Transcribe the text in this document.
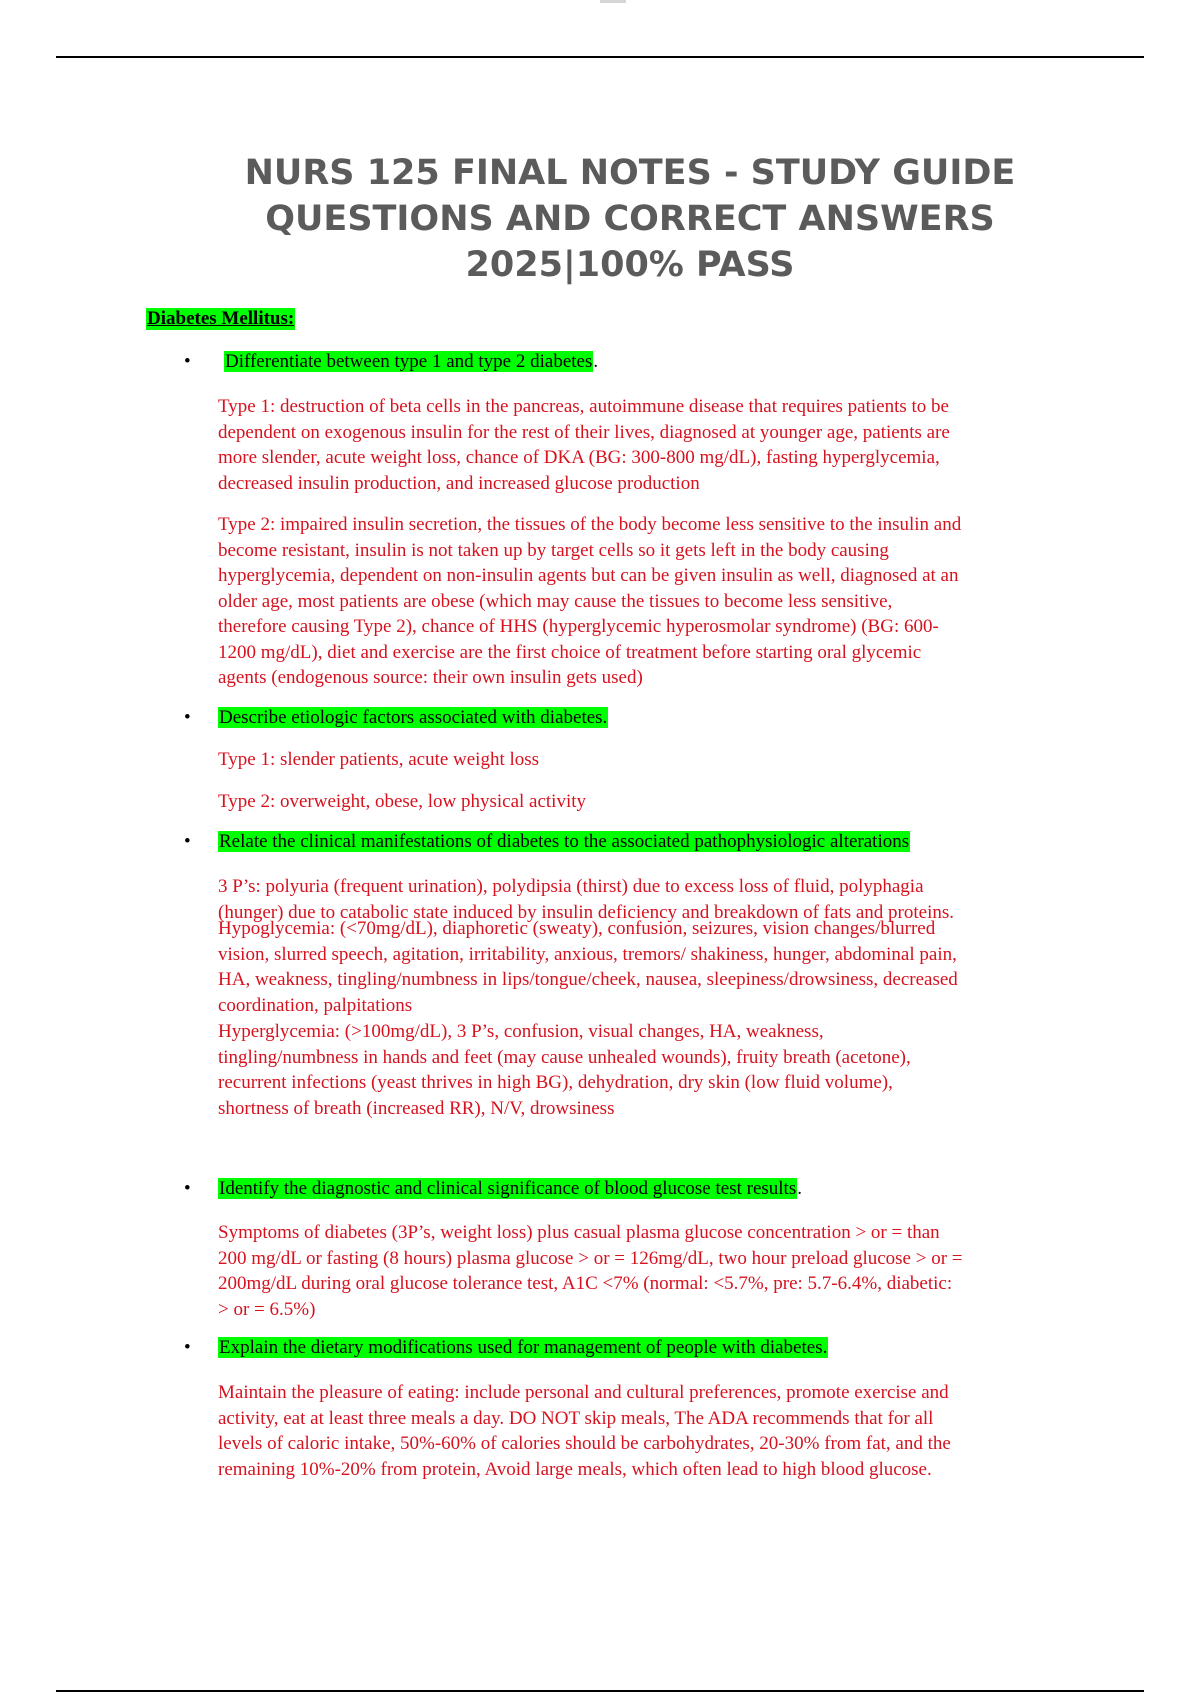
NURS 125 FINAL NOTES - STUDY GUIDE
QUESTIONS AND CORRECT ANSWERS
2025|100% PASS
Diabetes Mellitus:
• Differentiate between type 1 and type 2 diabetes.
Type 1: destruction of beta cells in the pancreas, autoimmune disease that requires patients to be
dependent on exogenous insulin for the rest of their lives, diagnosed at younger age, patients are
more slender, acute weight loss, chance of DKA (BG: 300-800 mg/dL), fasting hyperglycemia,
decreased insulin production, and increased glucose production
Type 2: impaired insulin secretion, the tissues of the body become less sensitive to the insulin and
become resistant, insulin is not taken up by target cells so it gets left in the body causing
hyperglycemia, dependent on non-insulin agents but can be given insulin as well, diagnosed at an
older age, most patients are obese (which may cause the tissues to become less sensitive,
therefore causing Type 2), chance of HHS (hyperglycemic hyperosmolar syndrome) (BG: 600-
1200 mg/dL), diet and exercise are the first choice of treatment before starting oral glycemic
agents (endogenous source: their own insulin gets used)
• Describe etiologic factors associated with diabetes.
Type 1: slender patients, acute weight loss
Type 2: overweight, obese, low physical activity
• Relate the clinical manifestations of diabetes to the associated pathophysiologic alterations
3 P’s: polyuria (frequent urination), polydipsia (thirst) due to excess loss of fluid, polyphagia
(hunger) due to catabolic state induced by insulin deficiency and breakdown of fats and proteins.
Hypoglycemia: (<70mg/dL), diaphoretic (sweaty), confusion, seizures, vision changes/blurred
vision, slurred speech, agitation, irritability, anxious, tremors/ shakiness, hunger, abdominal pain,
HA, weakness, tingling/numbness in lips/tongue/cheek, nausea, sleepiness/drowsiness, decreased
coordination, palpitations
Hyperglycemia: (>100mg/dL), 3 P’s, confusion, visual changes, HA, weakness,
tingling/numbness in hands and feet (may cause unhealed wounds), fruity breath (acetone),
recurrent infections (yeast thrives in high BG), dehydration, dry skin (low fluid volume),
shortness of breath (increased RR), N/V, drowsiness
• Identify the diagnostic and clinical significance of blood glucose test results.
Symptoms of diabetes (3P’s, weight loss) plus casual plasma glucose concentration > or = than
200 mg/dL or fasting (8 hours) plasma glucose > or = 126mg/dL, two hour preload glucose > or =
200mg/dL during oral glucose tolerance test, A1C <7% (normal: <5.7%, pre: 5.7-6.4%, diabetic:
> or = 6.5%)
• Explain the dietary modifications used for management of people with diabetes.
Maintain the pleasure of eating: include personal and cultural preferences, promote exercise and
activity, eat at least three meals a day. DO NOT skip meals, The ADA recommends that for all
levels of caloric intake, 50%-60% of calories should be carbohydrates, 20-30% from fat, and the
remaining 10%-20% from protein, Avoid large meals, which often lead to high blood glucose.
